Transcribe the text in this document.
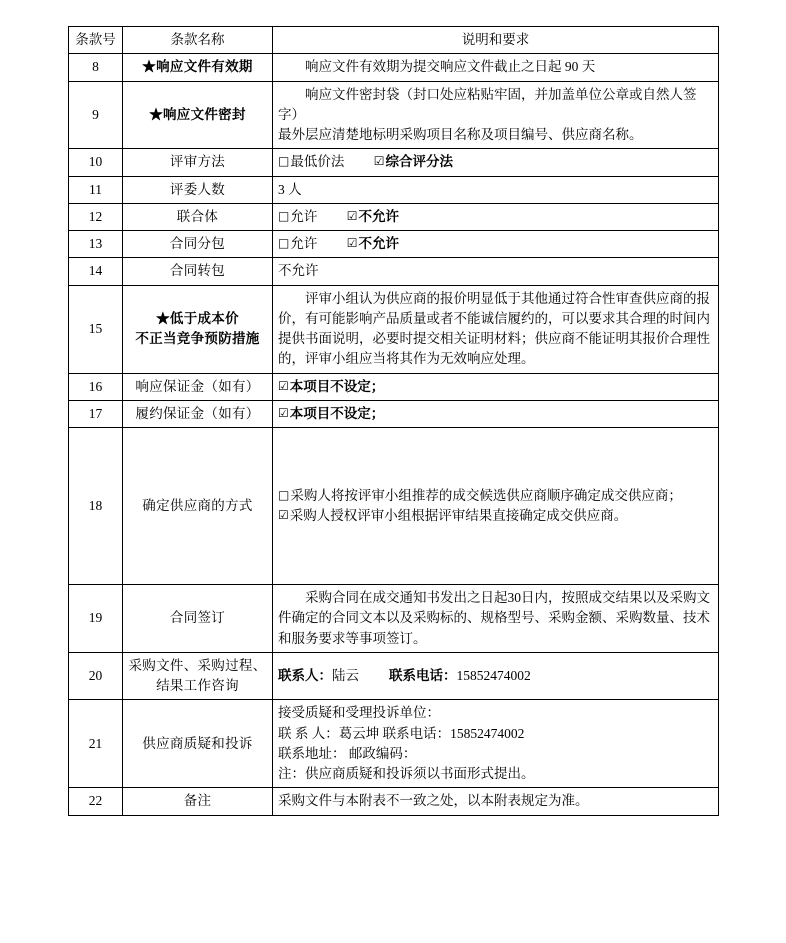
条款号	条款名称	说明和要求
8	★响应文件有效期	响应文件有效期为提交响应文件截止之日起 90 天

9	★响应文件密封	响应文件密封袋（封口处应粘贴牢固，并加盖单位公章或自然人签字）
最外层应清楚地标明采购项目名称及项目编号、供应商名称。

10	评审方法	□最低价法 ☑综合评分法
11	评委人数	3 人
12	联合体	□允许 ☑不允许
13	合同分包	□允许 ☑不允许
14	合同转包	不允许
15	★低于成本价
不正当竞争预防措施	评审小组认为供应商的报价明显低于其他通过符合性审查供应商的报价，有可能影响产品质量或者不能诚信履约的，可以要求其合理的时间内提供书面说明，必要时提交相关证明材料；供应商不能证明其报价合理性的，评审小组应当将其作为无效响应处理。

16	响应保证金（如有）	☑本项目不设定；
17	履约保证金（如有）	☑本项目不设定；
18	确定供应商的方式	□采购人将按评审小组推荐的成交候选供应商顺序确定成交供应商；
☑采购人授权评审小组根据评审结果直接确定成交供应商。

19	合同签订	采购合同在成交通知书发出之日起30日内，按照成交结果以及采购文件确定的合同文本以及采购标的、规格型号、采购金额、采购数量、技术和服务要求等事项签订。

20	采购文件、采购过程、
结果工作咨询	联系人：陆云 联系电话：15852474002

21	供应商质疑和投诉	接受质疑和受理投诉单位：
联 系 人：葛云坤 联系电话：15852474002
联系地址： 邮政编码：
注：供应商质疑和投诉须以书面形式提出。

22	备注	采购文件与本附表不一致之处，以本附表规定为准。
